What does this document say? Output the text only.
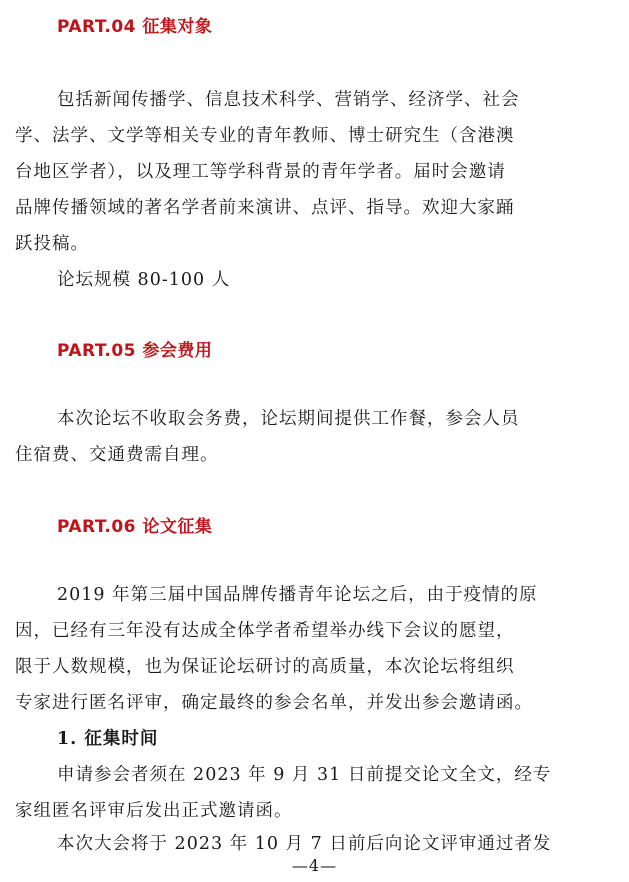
PART.04 征集对象
包括新闻传播学、信息技术科学、营销学、经济学、社会
学、法学、文学等相关专业的青年教师、博士研究生（含港澳
台地区学者），以及理工等学科背景的青年学者。届时会邀请
品牌传播领域的著名学者前来演讲、点评、指导。欢迎大家踊
跃投稿。
论坛规模 80-100 人
PART.05 参会费用
本次论坛不收取会务费，论坛期间提供工作餐，参会人员
住宿费、交通费需自理。
PART.06 论文征集
2019 年第三届中国品牌传播青年论坛之后，由于疫情的原
因，已经有三年没有达成全体学者希望举办线下会议的愿望，
限于人数规模，也为保证论坛研讨的高质量，本次论坛将组织
专家进行匿名评审，确定最终的参会名单，并发出参会邀请函。
1. 征集时间
申请参会者须在 2023 年 9 月 31 日前提交论文全文，经专
家组匿名评审后发出正式邀请函。
本次大会将于 2023 年 10 月 7 日前后向论文评审通过者发
—4—
